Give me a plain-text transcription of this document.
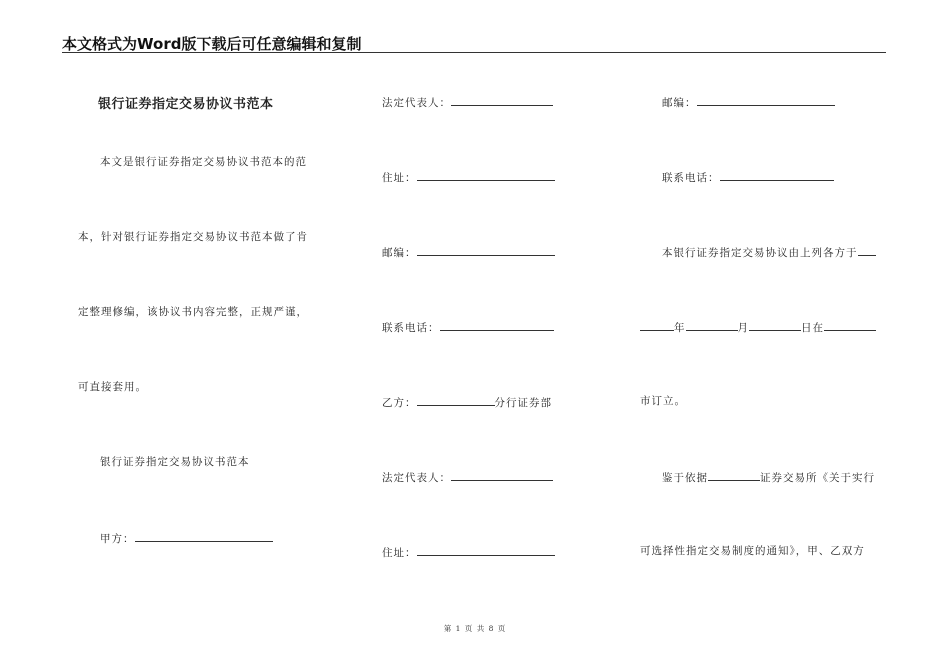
本文格式为Word版下载后可任意编辑和复制
银行证券指定交易协议书范本
本文是银行证券指定交易协议书范本的范
本，针对银行证券指定交易协议书范本做了肯
定整理修编，该协议书内容完整，正规严谨，
可直接套用。
银行证券指定交易协议书范本
甲方：
法定代表人：
住址：
邮编：
联系电话：
乙方：	分行证券部
法定代表人：
住址：
邮编：
联系电话：
本银行证券指定交易协议由上列各方于
年	月	日在
市订立。
鉴于依据	证券交易所《关于实行
可选择性指定交易制度的通知》，甲、乙双方
第 1 页 共 8 页
